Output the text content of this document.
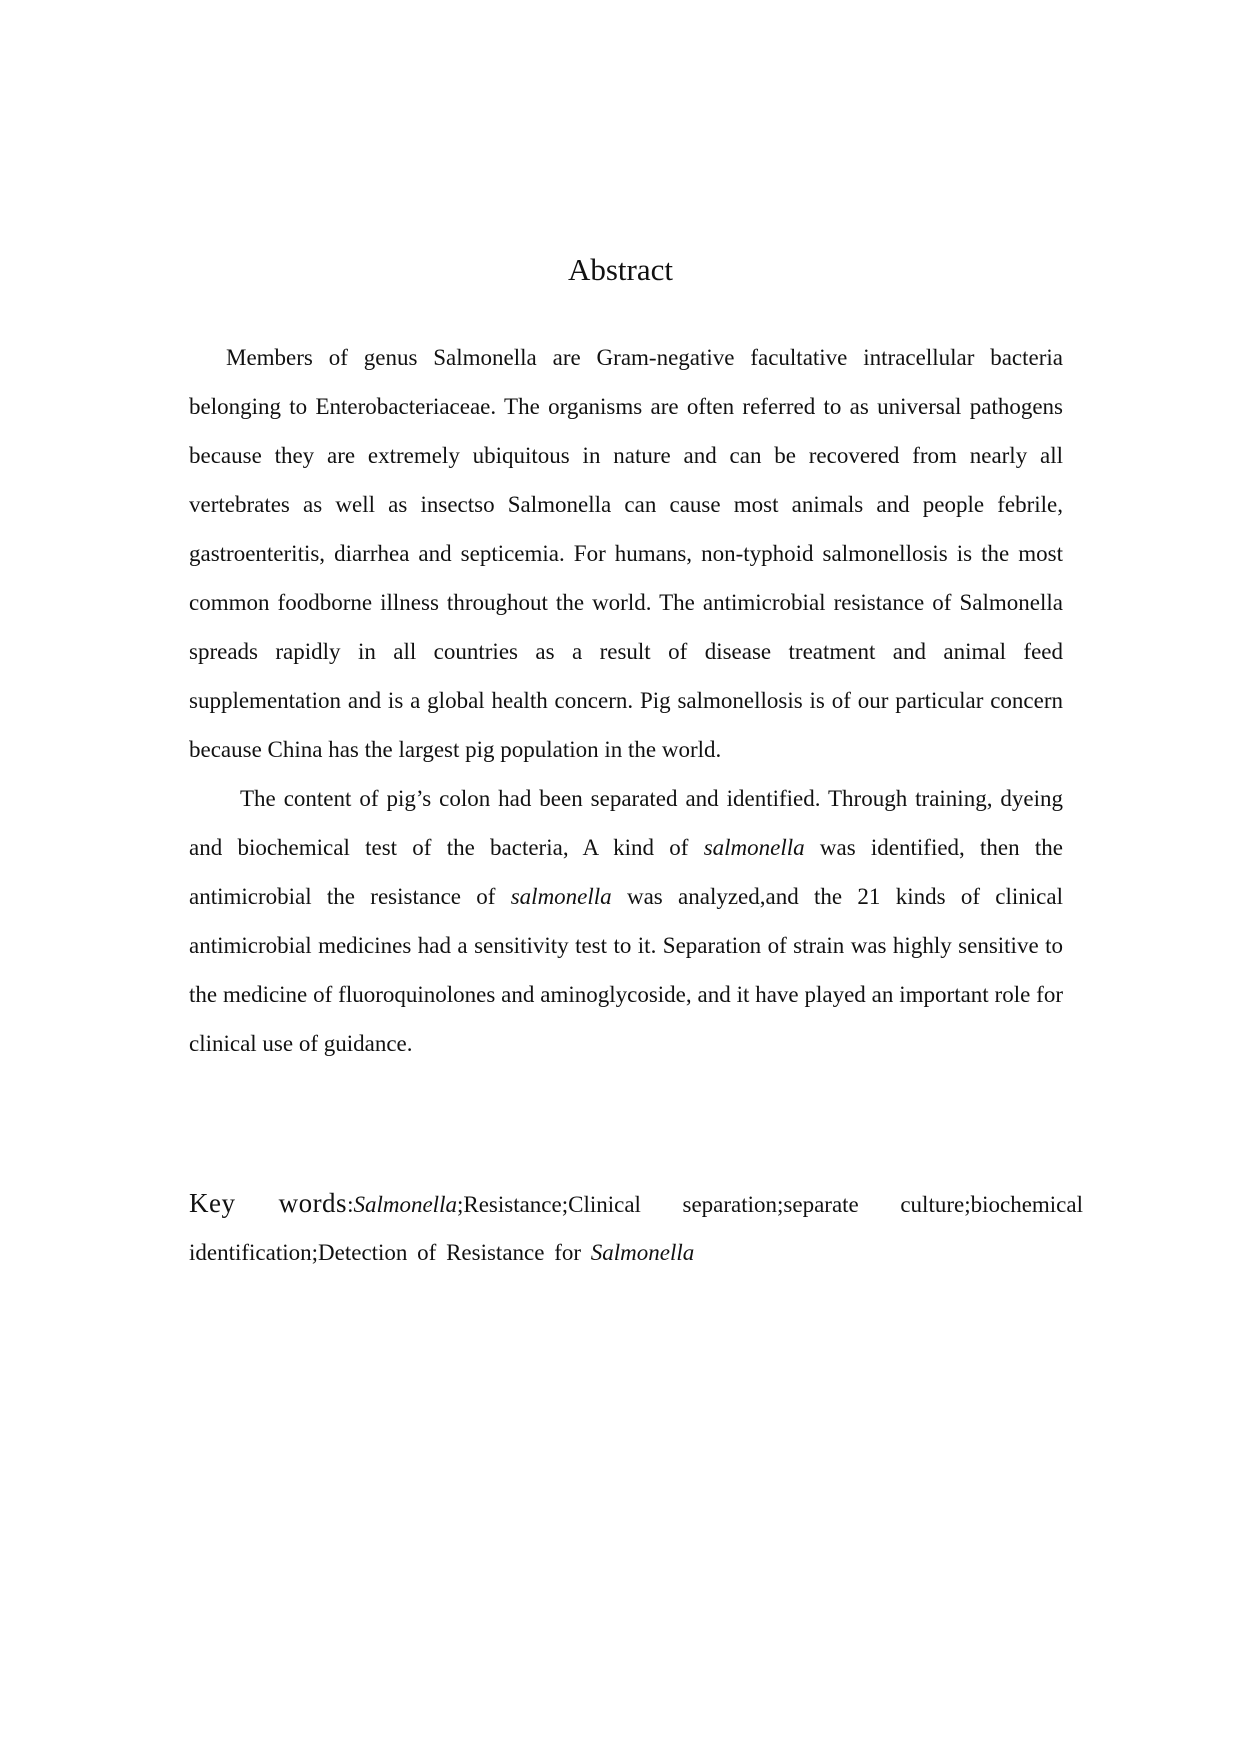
Abstract

Members of genus Salmonella are Gram-negative facultative intracellular bacteria belonging to Enterobacteriaceae. The organisms are often referred to as universal pathogens because they are extremely ubiquitous in nature and can be recovered from nearly all vertebrates as well as insectso Salmonella can cause most animals and people febrile, gastroenteritis, diarrhea and septicemia. For humans, non-typhoid salmonellosis is the most common foodborne illness throughout the world. The antimicrobial resistance of Salmonella spreads rapidly in all countries as a result of disease treatment and animal feed supplementation and is a global health concern. Pig salmonellosis is of our particular concern because China has the largest pig population in the world.

The content of pig’s colon had been separated and identified. Through training, dyeing and biochemical test of the bacteria, A kind of salmonella was identified, then the antimicrobial the resistance of salmonella was analyzed,and the 21 kinds of clinical antimicrobial medicines had a sensitivity test to it. Separation of strain was highly sensitive to the medicine of fluoroquinolones and aminoglycoside, and it have played an important role for clinical use of guidance.

Key words:Salmonella;Resistance;Clinical separation;separate culture;biochemical identification;Detection of Resistance for Salmonella
